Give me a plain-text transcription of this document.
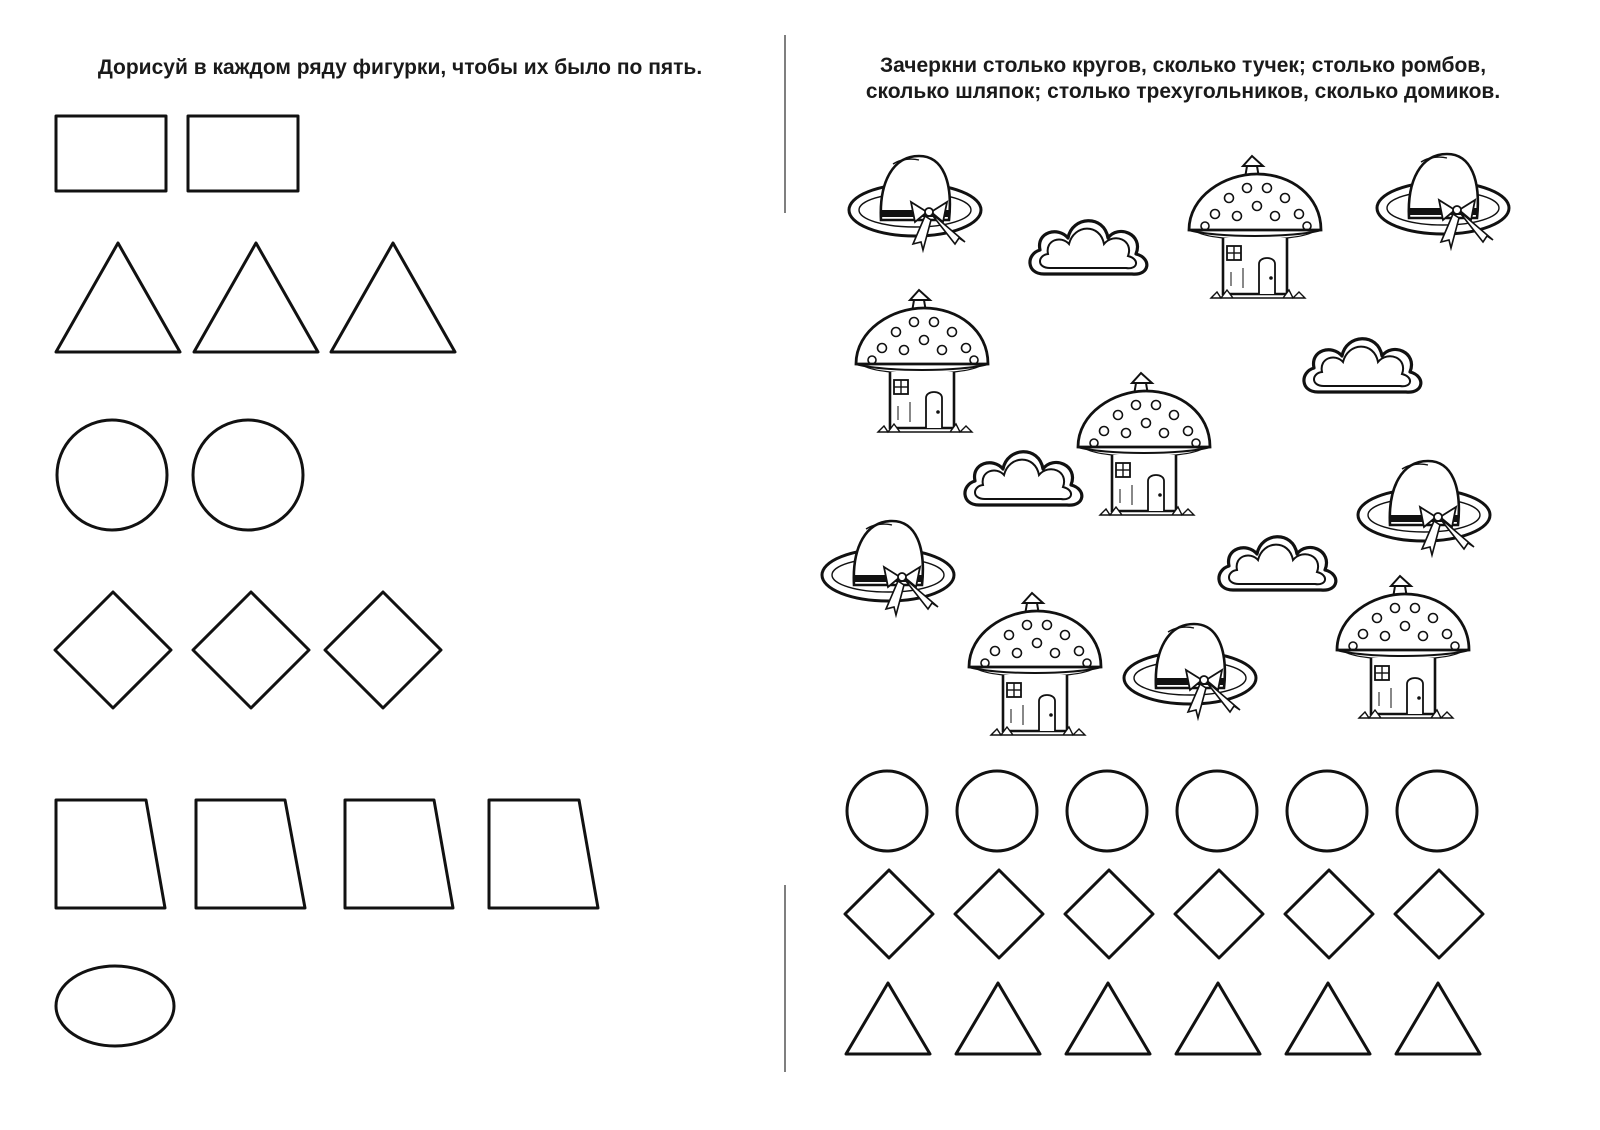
Дорисуй в каждом ряду фигурки, чтобы их было по пять.	Зачеркни столько кругов, сколько тучек; столько ромбов,
сколько шляпок; столько трехугольников, сколько домиков.
